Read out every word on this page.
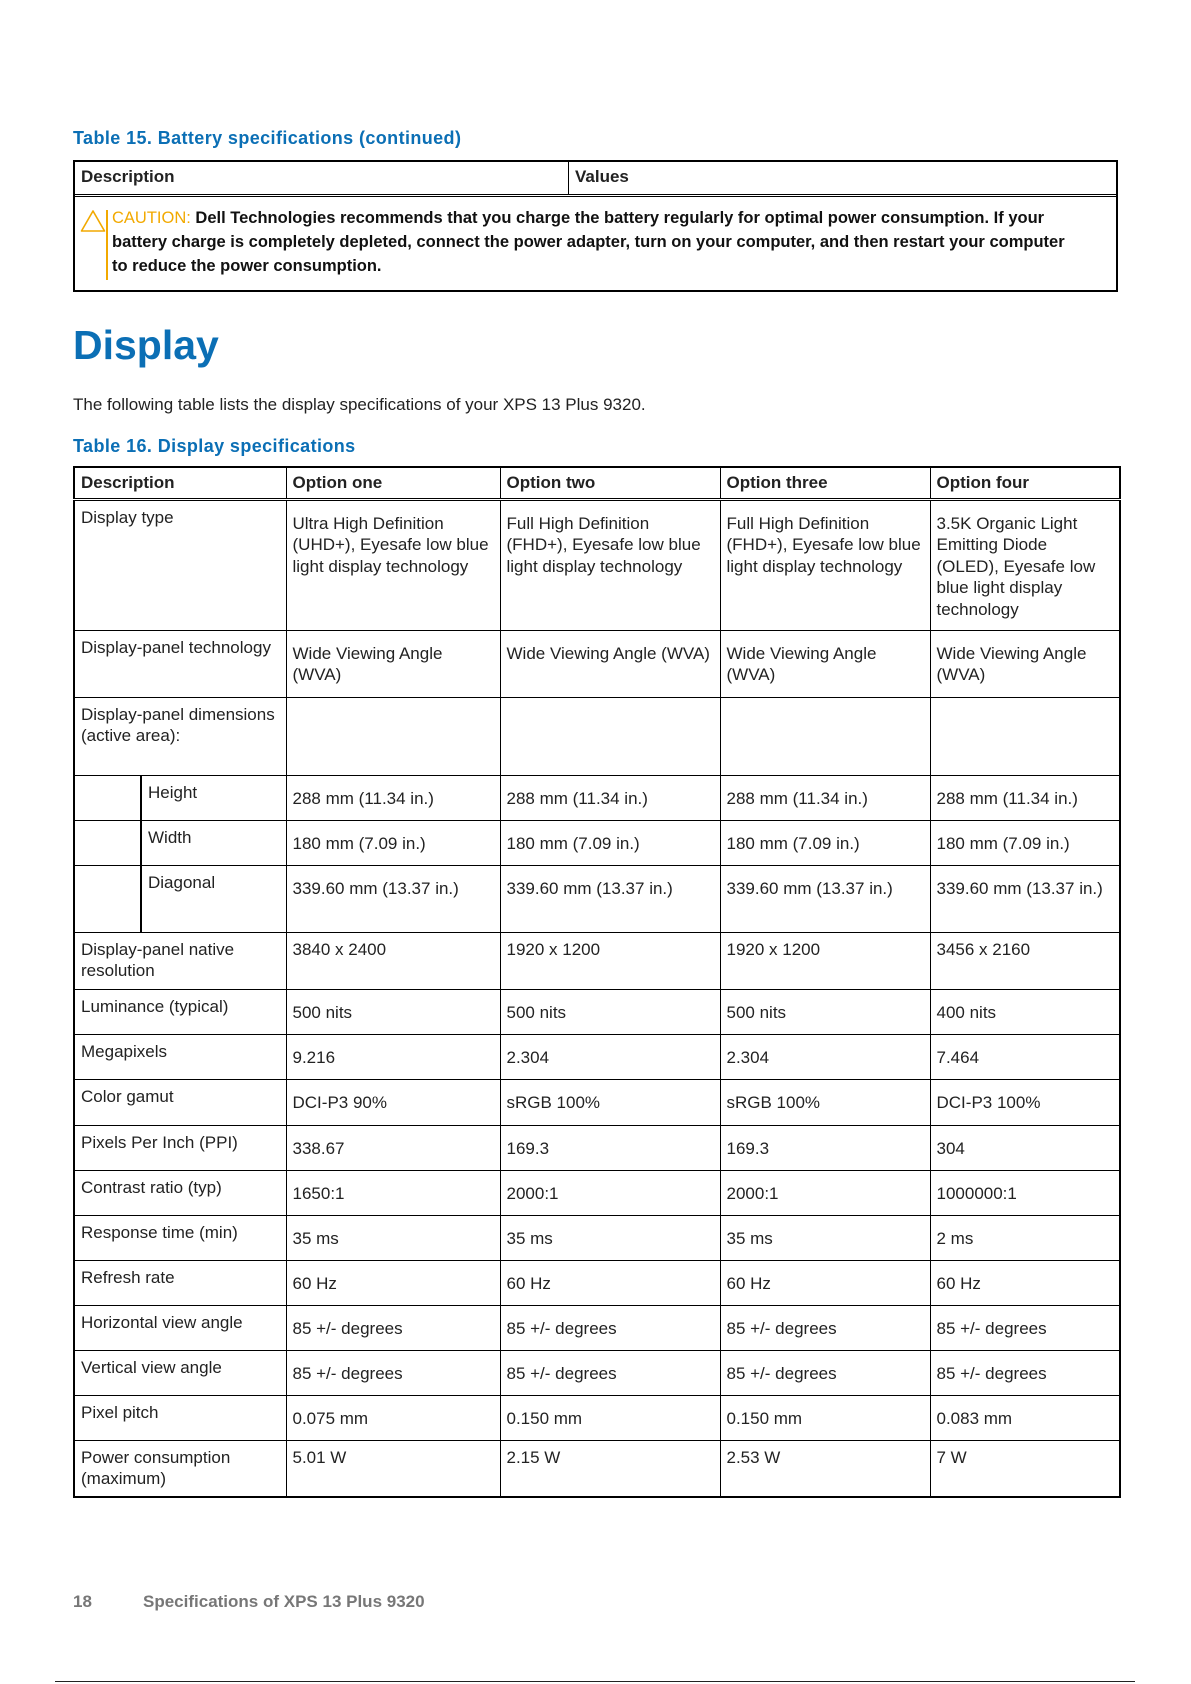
Table 15. Battery specifications (continued)
Description	Values
CAUTION: Dell Technologies recommends that you charge the battery regularly for optimal power consumption. If your battery charge is completely depleted, connect the power adapter, turn on your computer, and then restart your computer to reduce the power consumption.
Display
The following table lists the display specifications of your XPS 13 Plus 9320.
Table 16. Display specifications
Description		Option one	Option two	Option three	Option four
Display type		Ultra High Definition (UHD+), Eyesafe low blue light display technology	Full High Definition (FHD+), Eyesafe low blue light display technology	Full High Definition (FHD+), Eyesafe low blue light display technology	3.5K Organic Light Emitting Diode (OLED), Eyesafe low blue light display technology
Display-panel technology		Wide Viewing Angle (WVA)	Wide Viewing Angle (WVA)	Wide Viewing Angle (WVA)	Wide Viewing Angle (WVA)
Display-panel dimensions (active area):					
	Height	288 mm (11.34 in.)	288 mm (11.34 in.)	288 mm (11.34 in.)	288 mm (11.34 in.)
	Width	180 mm (7.09 in.)	180 mm (7.09 in.)	180 mm (7.09 in.)	180 mm (7.09 in.)
	Diagonal	339.60 mm (13.37 in.)	339.60 mm (13.37 in.)	339.60 mm (13.37 in.)	339.60 mm (13.37 in.)
Display-panel native resolution		3840 x 2400	1920 x 1200	1920 x 1200	3456 x 2160
Luminance (typical)		500 nits	500 nits	500 nits	400 nits
Megapixels		9.216	2.304	2.304	7.464
Color gamut		DCI-P3 90%	sRGB 100%	sRGB 100%	DCI-P3 100%
Pixels Per Inch (PPI)		338.67	169.3	169.3	304
Contrast ratio (typ)		1650:1	2000:1	2000:1	1000000:1
Response time (min)		35 ms	35 ms	35 ms	2 ms
Refresh rate		60 Hz	60 Hz	60 Hz	60 Hz
Horizontal view angle		85 +/- degrees	85 +/- degrees	85 +/- degrees	85 +/- degrees
Vertical view angle		85 +/- degrees	85 +/- degrees	85 +/- degrees	85 +/- degrees
Pixel pitch		0.075 mm	0.150 mm	0.150 mm	0.083 mm
Power consumption (maximum)		5.01 W	2.15 W	2.53 W	7 W
18	Specifications of XPS 13 Plus 9320
